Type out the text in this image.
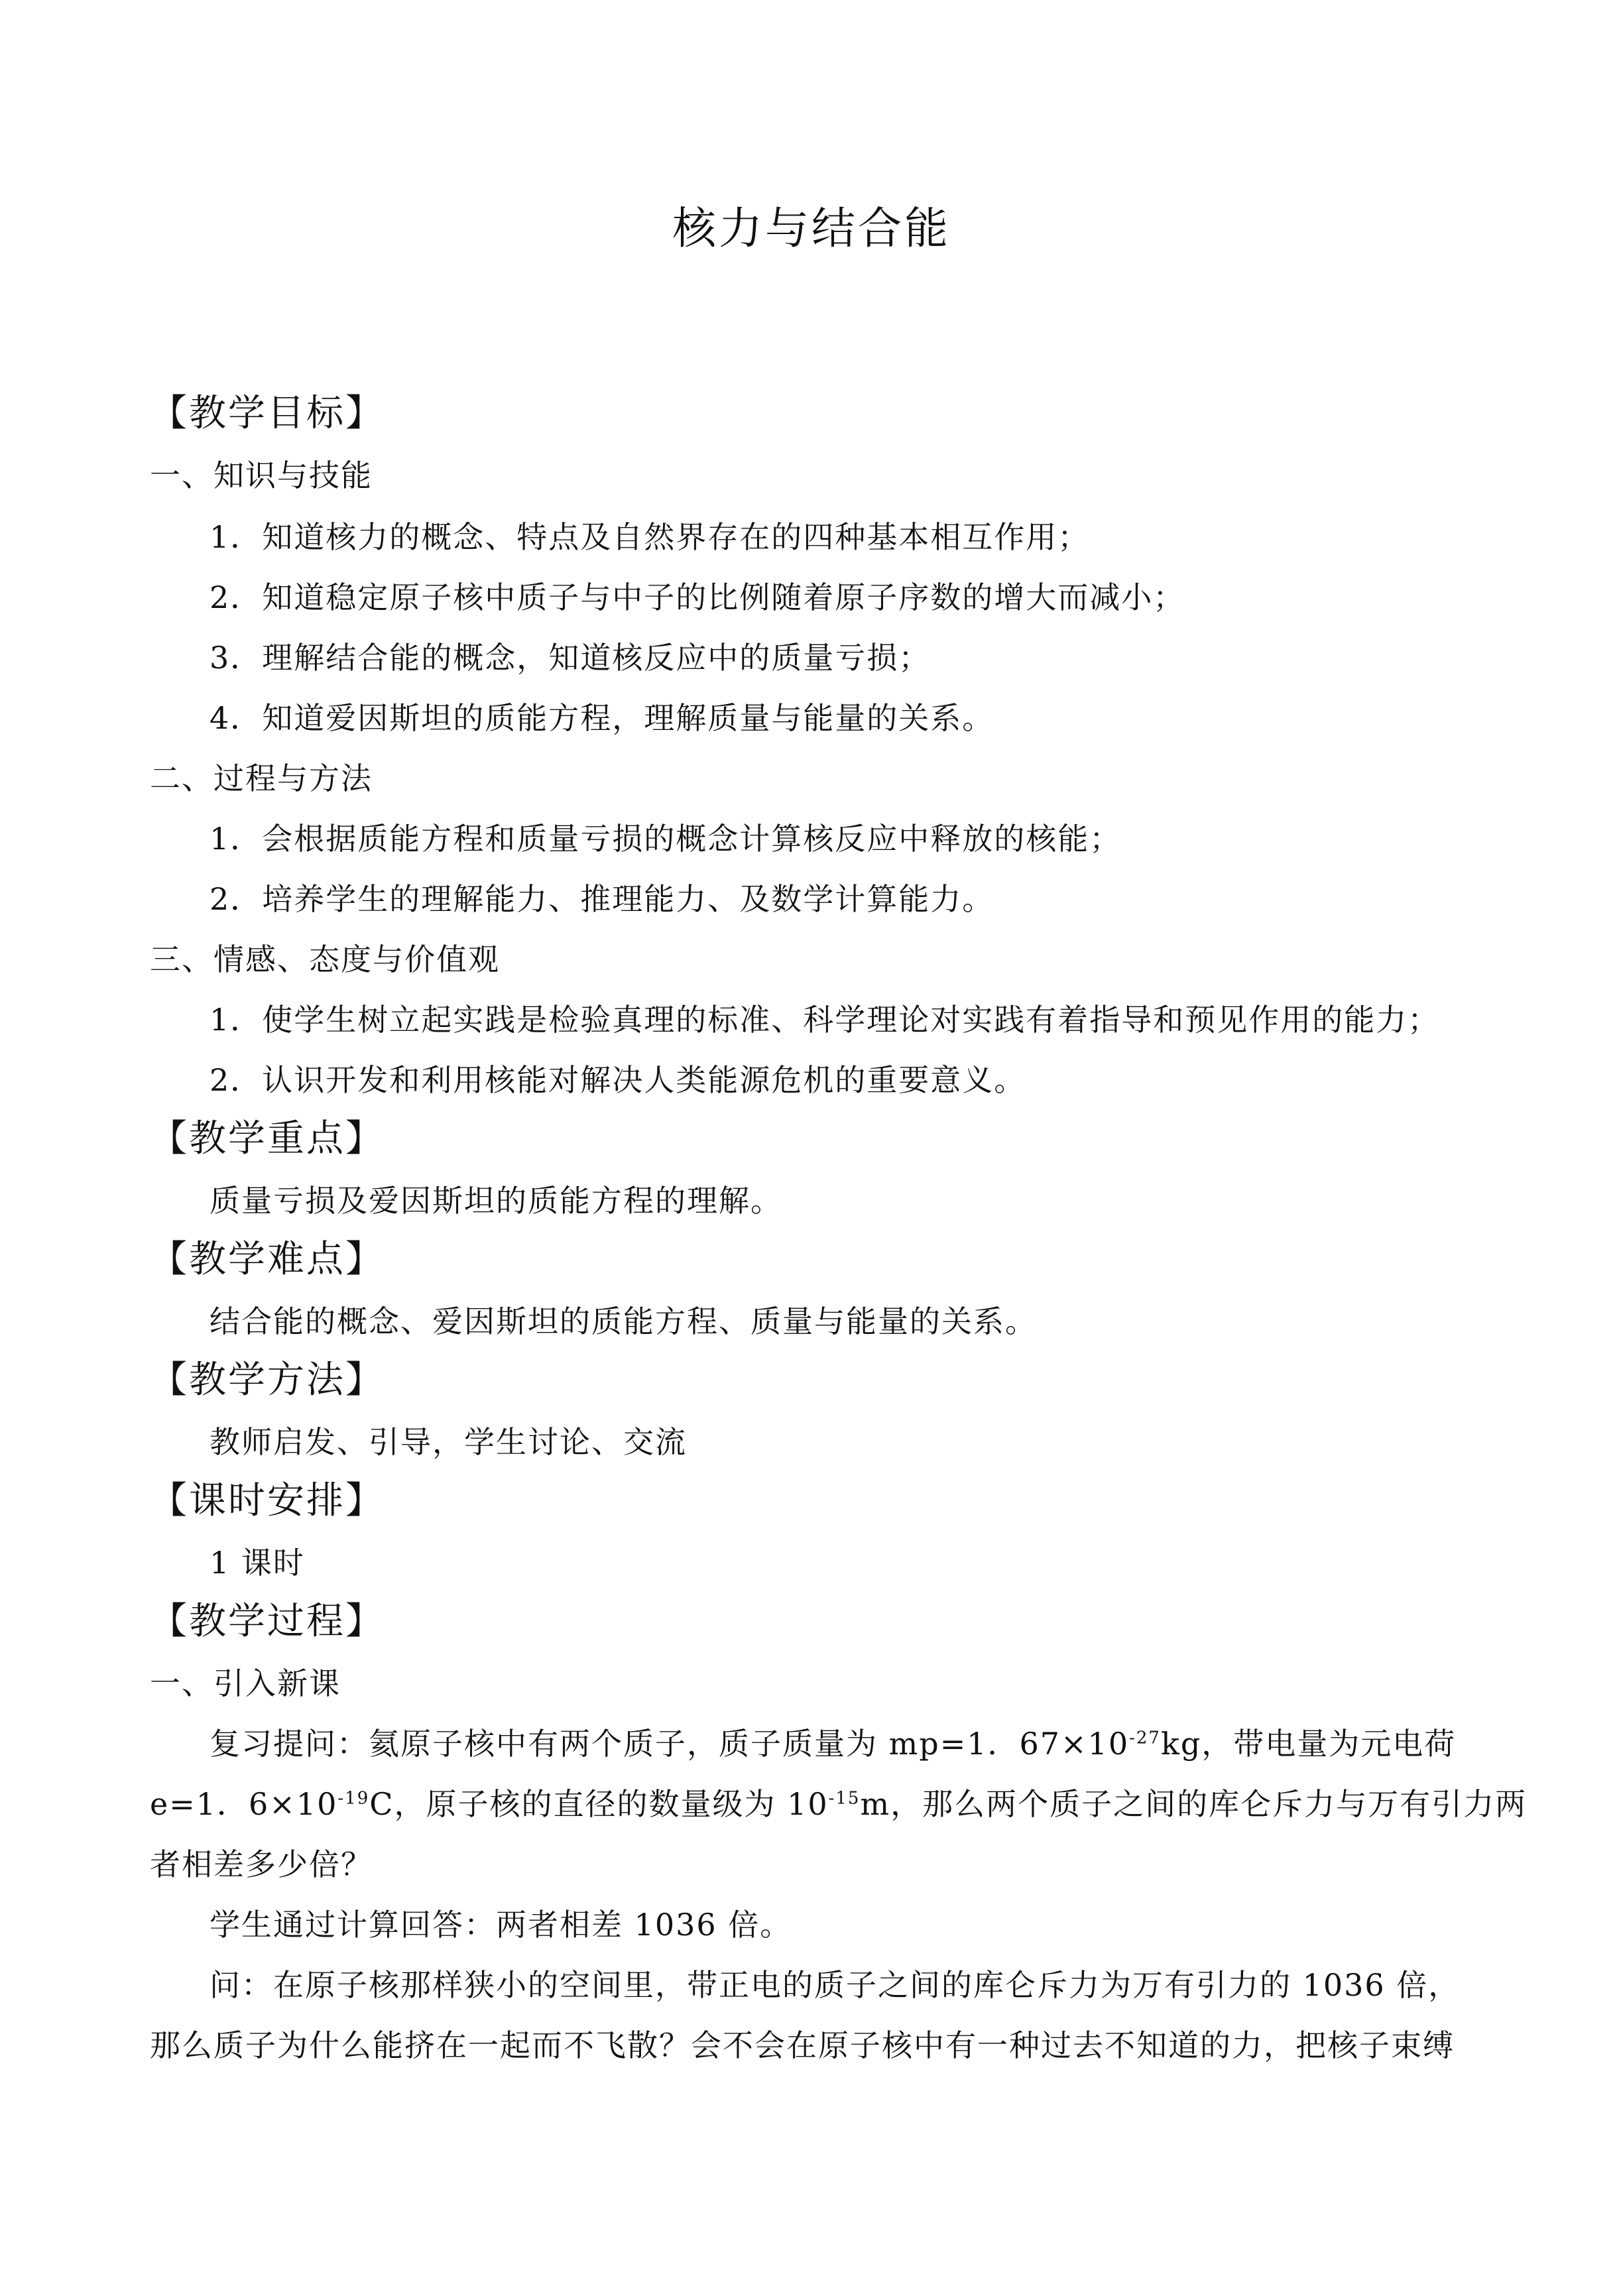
核力与结合能
【教学目标】
一、知识与技能
1．知道核力的概念、特点及自然界存在的四种基本相互作用；
2．知道稳定原子核中质子与中子的比例随着原子序数的增大而减小；
3．理解结合能的概念，知道核反应中的质量亏损；
4．知道爱因斯坦的质能方程，理解质量与能量的关系。
二、过程与方法
1．会根据质能方程和质量亏损的概念计算核反应中释放的核能；
2．培养学生的理解能力、推理能力、及数学计算能力。
三、情感、态度与价值观
1．使学生树立起实践是检验真理的标准、科学理论对实践有着指导和预见作用的能力；
2．认识开发和利用核能对解决人类能源危机的重要意义。
【教学重点】
质量亏损及爱因斯坦的质能方程的理解。
【教学难点】
结合能的概念、爱因斯坦的质能方程、质量与能量的关系。
【教学方法】
教师启发、引导，学生讨论、交流
【课时安排】
1 课时
【教学过程】
一、引入新课
复习提问：氦原子核中有两个质子，质子质量为 mp=1．$67\times 10^{-27}kg$，带电量为元电荷
e=1．$6\times 10^{-19}C$，原子核的直径的数量级为 $10^{-15}m$，那么两个质子之间的库仑斥力与万有引力两
者相差多少倍？
学生通过计算回答：两者相差 1036 倍。
问：在原子核那样狭小的空间里，带正电的质子之间的库仑斥力为万有引力的 1036 倍，
那么质子为什么能挤在一起而不飞散？会不会在原子核中有一种过去不知道的力，把核子束缚
